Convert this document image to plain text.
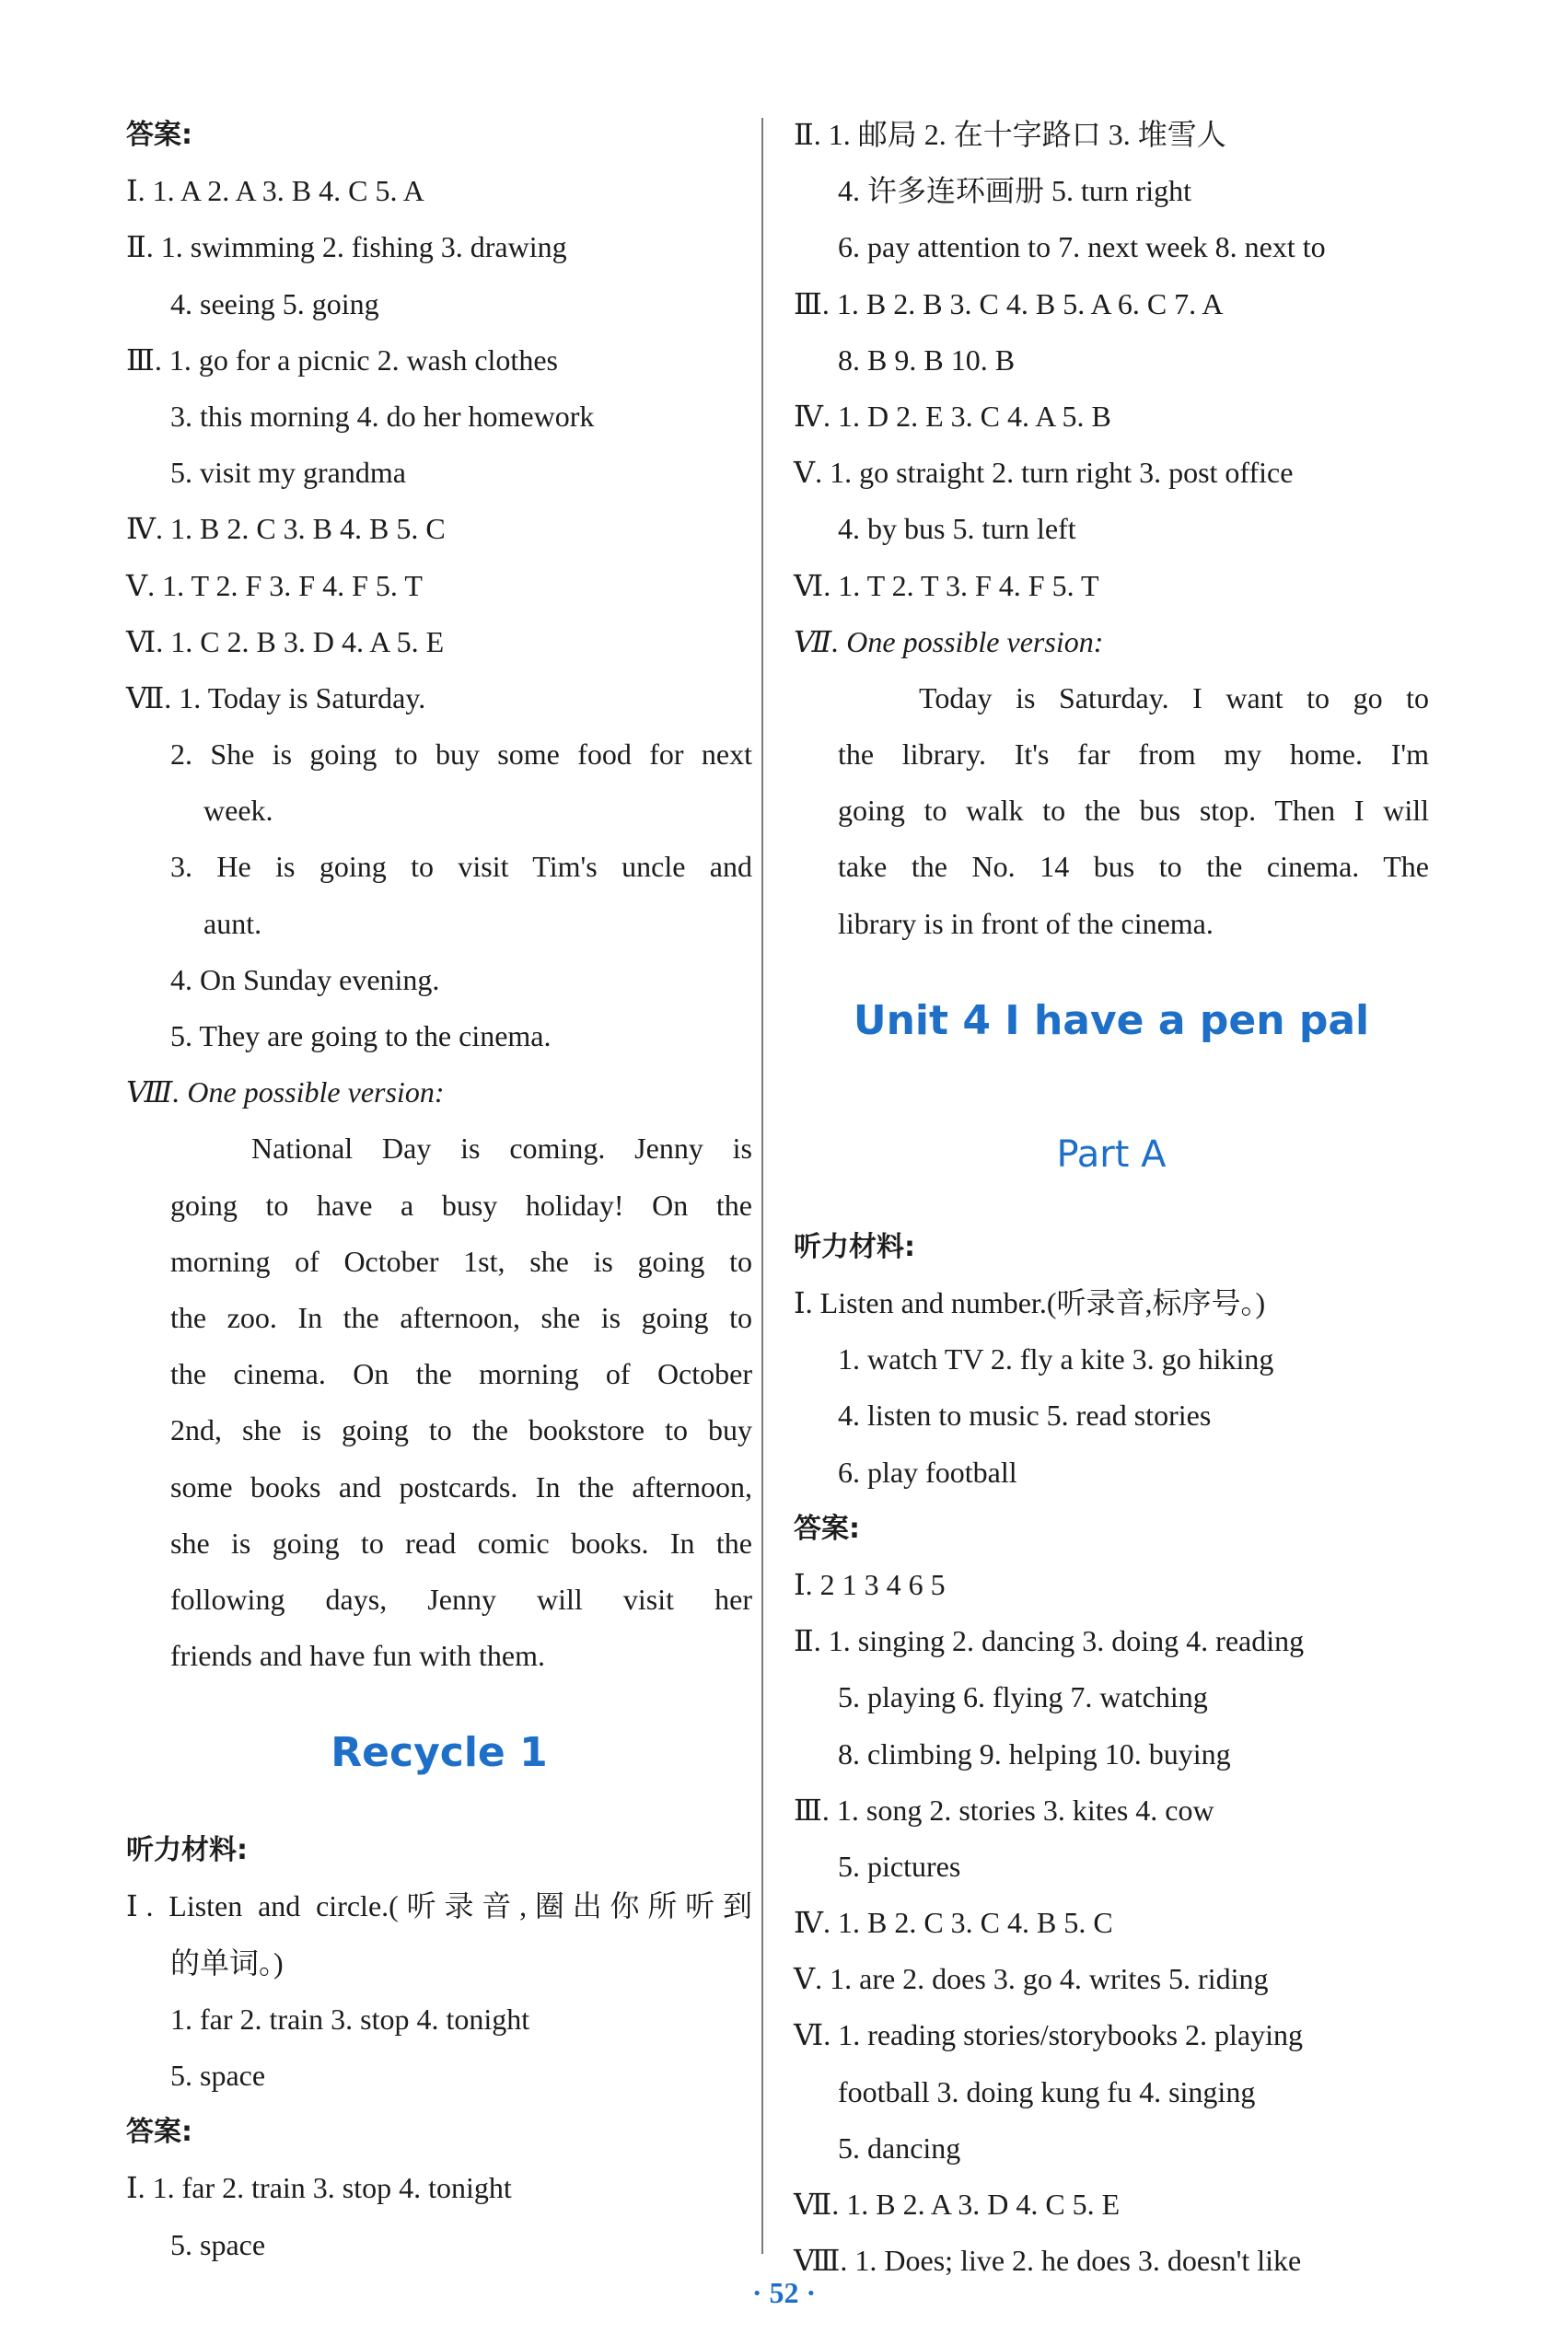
答案:
Ⅰ. 1. A 2. A 3. B 4. C 5. A
Ⅱ. 1. swimming 2. fishing 3. drawing
4. seeing 5. going
Ⅲ. 1. go for a picnic 2. wash clothes
3. this morning 4. do her homework
5. visit my grandma
Ⅳ. 1. B 2. C 3. B 4. B 5. C
Ⅴ. 1. T 2. F 3. F 4. F 5. T
Ⅵ. 1. C 2. B 3. D 4. A 5. E
Ⅶ. 1. Today is Saturday.
2. She is going to buy some food for next
week.
3. He is going to visit Tim's uncle and
aunt.
4. On Sunday evening.
5. They are going to the cinema.
Ⅷ. One possible version:
National Day is coming. Jenny is
going to have a busy holiday! On the
morning of October 1st, she is going to
the zoo. In the afternoon, she is going to
the cinema. On the morning of October
2nd, she is going to the bookstore to buy
some books and postcards. In the afternoon,
she is going to read comic books. In the
following days, Jenny will visit her
friends and have fun with them.
Recycle 1
听力材料:
Ⅰ. Listen and circle.(听录音,圈出你所听到
的单词。)
1. far 2. train 3. stop 4. tonight
5. space
答案:
Ⅰ. 1. far 2. train 3. stop 4. tonight
5. space
Ⅱ. 1. 邮局 2. 在十字路口 3. 堆雪人
4. 许多连环画册 5. turn right
6. pay attention to 7. next week 8. next to
Ⅲ. 1. B 2. B 3. C 4. B 5. A 6. C 7. A
8. B 9. B 10. B
Ⅳ. 1. D 2. E 3. C 4. A 5. B
Ⅴ. 1. go straight 2. turn right 3. post office
4. by bus 5. turn left
Ⅵ. 1. T 2. T 3. F 4. F 5. T
Ⅶ. One possible version:
Today is Saturday. I want to go to
the library. It's far from my home. I'm
going to walk to the bus stop. Then I will
take the No. 14 bus to the cinema. The
library is in front of the cinema.
Unit 4 I have a pen pal
Part A
听力材料:
Ⅰ. Listen and number.(听录音,标序号。)
1. watch TV 2. fly a kite 3. go hiking
4. listen to music 5. read stories
6. play football
答案:
Ⅰ. 2 1 3 4 6 5
Ⅱ. 1. singing 2. dancing 3. doing 4. reading
5. playing 6. flying 7. watching
8. climbing 9. helping 10. buying
Ⅲ. 1. song 2. stories 3. kites 4. cow
5. pictures
Ⅳ. 1. B 2. C 3. C 4. B 5. C
Ⅴ. 1. are 2. does 3. go 4. writes 5. riding
Ⅵ. 1. reading stories/storybooks 2. playing
football 3. doing kung fu 4. singing
5. dancing
Ⅶ. 1. B 2. A 3. D 4. C 5. E
Ⅷ. 1. Does; live 2. he does 3. doesn't like
· 52 ·
